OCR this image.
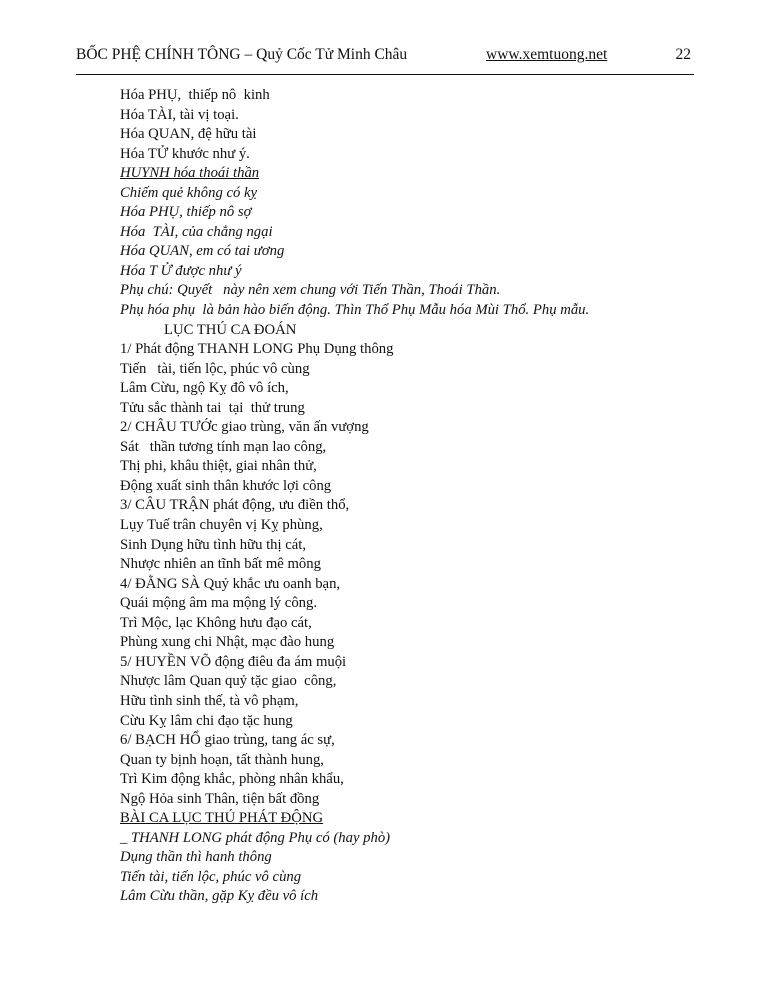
BỐC PHỆ CHÍNH TÔNG – Quỷ Cốc Tử Minh Châu	www.xemtuong.net	22
Hóa PHỤ,  thiếp nô  kinh
Hóa TÀI, tài vị toại.
Hóa QUAN, đệ hữu tài
Hóa TỬ khước như ý.
HUYNH hóa thoái thần
Chiếm quẻ không có kỵ
Hóa PHỤ, thiếp nô sợ
Hóa  TÀI, của chẳng ngại
Hóa QUAN, em có tai ương
Hóa T Ử được như ý
Phụ chú: Quyết   này nên xem chung với Tiến Thần, Thoái Thần.
Phụ hóa phụ  là bản hào biến động. Thìn Thổ Phụ Mẫu hóa Mùi Thổ. Phụ mẫu.
LỤC THÚ CA ĐOÁN
1/ Phát động THANH LONG Phụ Dụng thông
Tiến   tài, tiến lộc, phúc vô cùng
Lâm Cừu, ngộ Kỵ đô vô ích,
Tửu sắc thành tai  tại  thử trung
2/ CHÂU TƯỚc giao trùng, văn ấn vượng
Sát   thần tương tính mạn lao công,
Thị phi, khâu thiệt, giai nhân thử,
Động xuất sinh thân khước lợi công
3/ CÂU TRẬN phát động, ưu điền thổ,
Lụy Tuế trân chuyên vị Kỵ phùng,
Sinh Dụng hữu tình hữu thị cát,
Nhược nhiên an tĩnh bất mê mông
4/ ĐẰNG SÀ Quỷ khắc ưu oanh bạn,
Quái mộng âm ma mộng lý công.
Trì Mộc, lạc Không hưu đạo cát,
Phùng xung chi Nhật, mạc đào hung
5/ HUYỀN VÕ động điêu đa ám muội
Nhược lâm Quan quỷ tặc giao  công,
Hữu tình sinh thế, tà vô phạm,
Cừu Kỵ lâm chi đạo tặc hung
6/ BẠCH HỔ giao trùng, tang ác sự,
Quan ty bịnh hoạn, tất thành hung,
Trì Kim động khắc, phòng nhân khẩu,
Ngộ Hỏa sinh Thân, tiện bất đồng
BÀI CA LỤC THÚ PHÁT ĐỘNG
_ THANH LONG phát động Phụ có (hay phò)
Dụng thần thì hanh thông
Tiến tài, tiến lộc, phúc vô cùng
Lâm Cừu thần, gặp Kỵ đều vô ích
